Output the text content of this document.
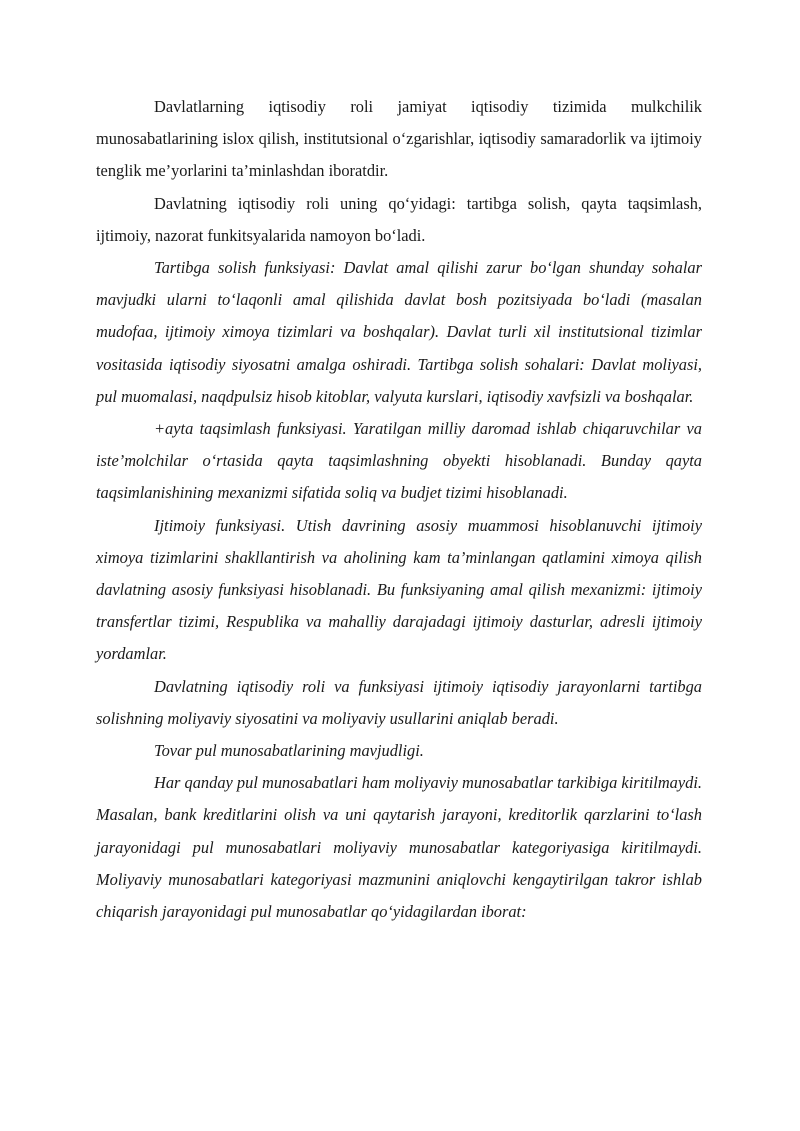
Davlatlarning iqtisodiy roli jamiyat iqtisodiy tizimida mulkchilik munosabatlarining islox qilish, institutsional o‘zgarishlar, iqtisodiy samaradorlik va ijtimoiy tenglik me’yorlarini ta’minlashdan iboratdir.

Davlatning iqtisodiy roli uning qo‘yidagi: tartibga solish, qayta taqsimlash, ijtimoiy, nazorat funkitsyalarida namoyon bo‘ladi.

Tartibga solish funksiyasi: Davlat amal qilishi zarur bo‘lgan shunday sohalar mavjudki ularni to‘laqonli amal qilishida davlat bosh pozitsiyada bo‘ladi (masalan mudofaa, ijtimoiy ximoya tizimlari va boshqalar). Davlat turli xil institutsional tizimlar vositasida iqtisodiy siyosatni amalga oshiradi. Tartibga solish sohalari: Davlat moliyasi, pul muomalasi, naqdpulsiz hisob kitoblar, valyuta kurslari, iqtisodiy xavfsizli va boshqalar.

+ayta taqsimlash funksiyasi. Yaratilgan milliy daromad ishlab chiqaruvchilar va iste’molchilar o‘rtasida qayta taqsimlashning obyekti hisoblanadi. Bunday qayta taqsimlanishining mexanizmi sifatida soliq va budjet tizimi hisoblanadi.

Ijtimoiy funksiyasi. Utish davrining asosiy muammosi hisoblanuvchi ijtimoiy ximoya tizimlarini shakllantirish va aholining kam ta’minlangan qatlamini ximoya qilish davlatning asosiy funksiyasi hisoblanadi. Bu funksiyaning amal qilish mexanizmi: ijtimoiy transfertlar tizimi, Respublika va mahalliy darajadagi ijtimoiy dasturlar, adresli ijtimoiy yordamlar.

Davlatning iqtisodiy roli va funksiyasi ijtimoiy iqtisodiy jarayonlarni tartibga solishning moliyaviy siyosatini va moliyaviy usullarini aniqlab beradi.

Tovar pul munosabatlarining mavjudligi.

Har qanday pul munosabatlari ham moliyaviy munosabatlar tarkibiga kiritilmaydi. Masalan, bank kreditlarini olish va uni qaytarish jarayoni, kreditorlik qarzlarini to‘lash jarayonidagi pul munosabatlari moliyaviy munosabatlar kategoriyasiga kiritilmaydi. Moliyaviy munosabatlari kategoriyasi mazmunini aniqlovchi kengaytirilgan takror ishlab chiqarish jarayonidagi pul munosabatlar qo‘yidagilardan iborat:
